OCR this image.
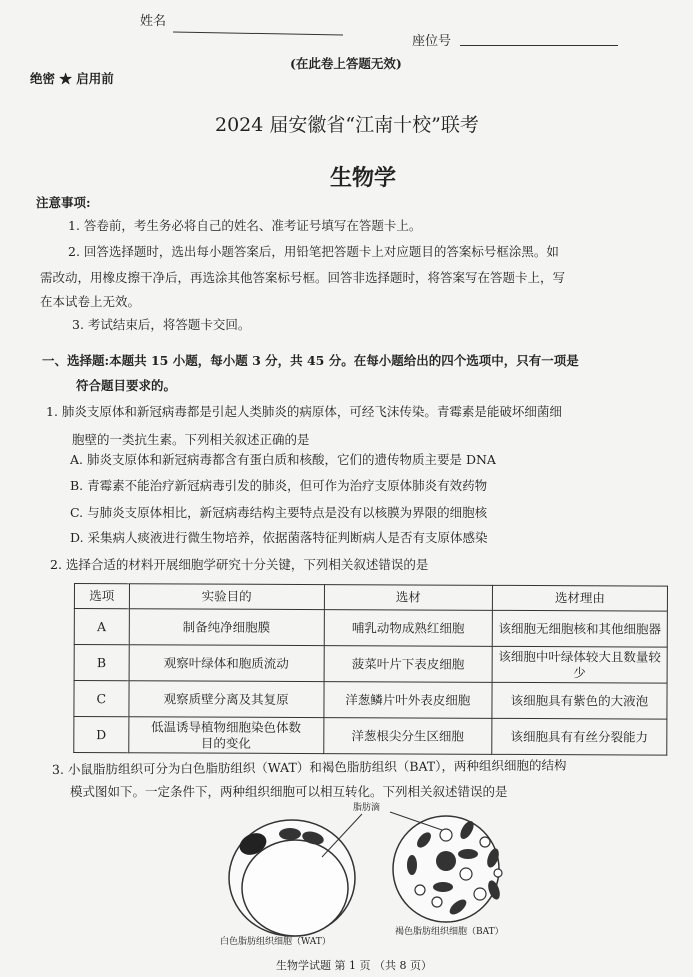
姓名
座位号
(在此卷上答题无效)
绝密 ★ 启用前
2024 届安徽省“江南十校”联考
生物学
注意事项:
1. 答卷前，考生务必将自己的姓名、准考证号填写在答题卡上。
2. 回答选择题时，选出每小题答案后，用铅笔把答题卡上对应题目的答案标号框涂黑。如
需改动，用橡皮擦干净后，再选涂其他答案标号框。回答非选择题时，将答案写在答题卡上，写
在本试卷上无效。
3. 考试结束后，将答题卡交回。
一、选择题:本题共 15 小题，每小题 3 分，共 45 分。在每小题给出的四个选项中，只有一项是
符合题目要求的。
1. 肺炎支原体和新冠病毒都是引起人类肺炎的病原体，可经飞沫传染。青霉素是能破坏细菌细
胞壁的一类抗生素。下列相关叙述正确的是
A. 肺炎支原体和新冠病毒都含有蛋白质和核酸，它们的遗传物质主要是 DNA
B. 青霉素不能治疗新冠病毒引发的肺炎，但可作为治疗支原体肺炎有效药物
C. 与肺炎支原体相比，新冠病毒结构主要特点是没有以核膜为界限的细胞核
D. 采集病人痰液进行微生物培养，依据菌落特征判断病人是否有支原体感染
2. 选择合适的材料开展细胞学研究十分关键，下列相关叙述错误的是
选项	实验目的	选材	选材理由
A	制备纯净细胞膜	哺乳动物成熟红细胞	该细胞无细胞核和其他细胞器
B	观察叶绿体和胞质流动	菠菜叶片下表皮细胞	该细胞中叶绿体较大且数量较少
C	观察质壁分离及其复原	洋葱鳞片叶外表皮细胞	该细胞具有紫色的大液泡
D	低温诱导植物细胞染色体数目的变化	洋葱根尖分生区细胞	该细胞具有有丝分裂能力
3. 小鼠脂肪组织可分为白色脂肪组织（WAT）和褐色脂肪组织（BAT），两种组织细胞的结构
模式图如下。一定条件下，两种组织细胞可以相互转化。下列相关叙述错误的是
脂肪滴
白色脂肪组织细胞（WAT）
褐色脂肪组织细胞（BAT）
生物学试题 第 1 页 （共 8 页）
